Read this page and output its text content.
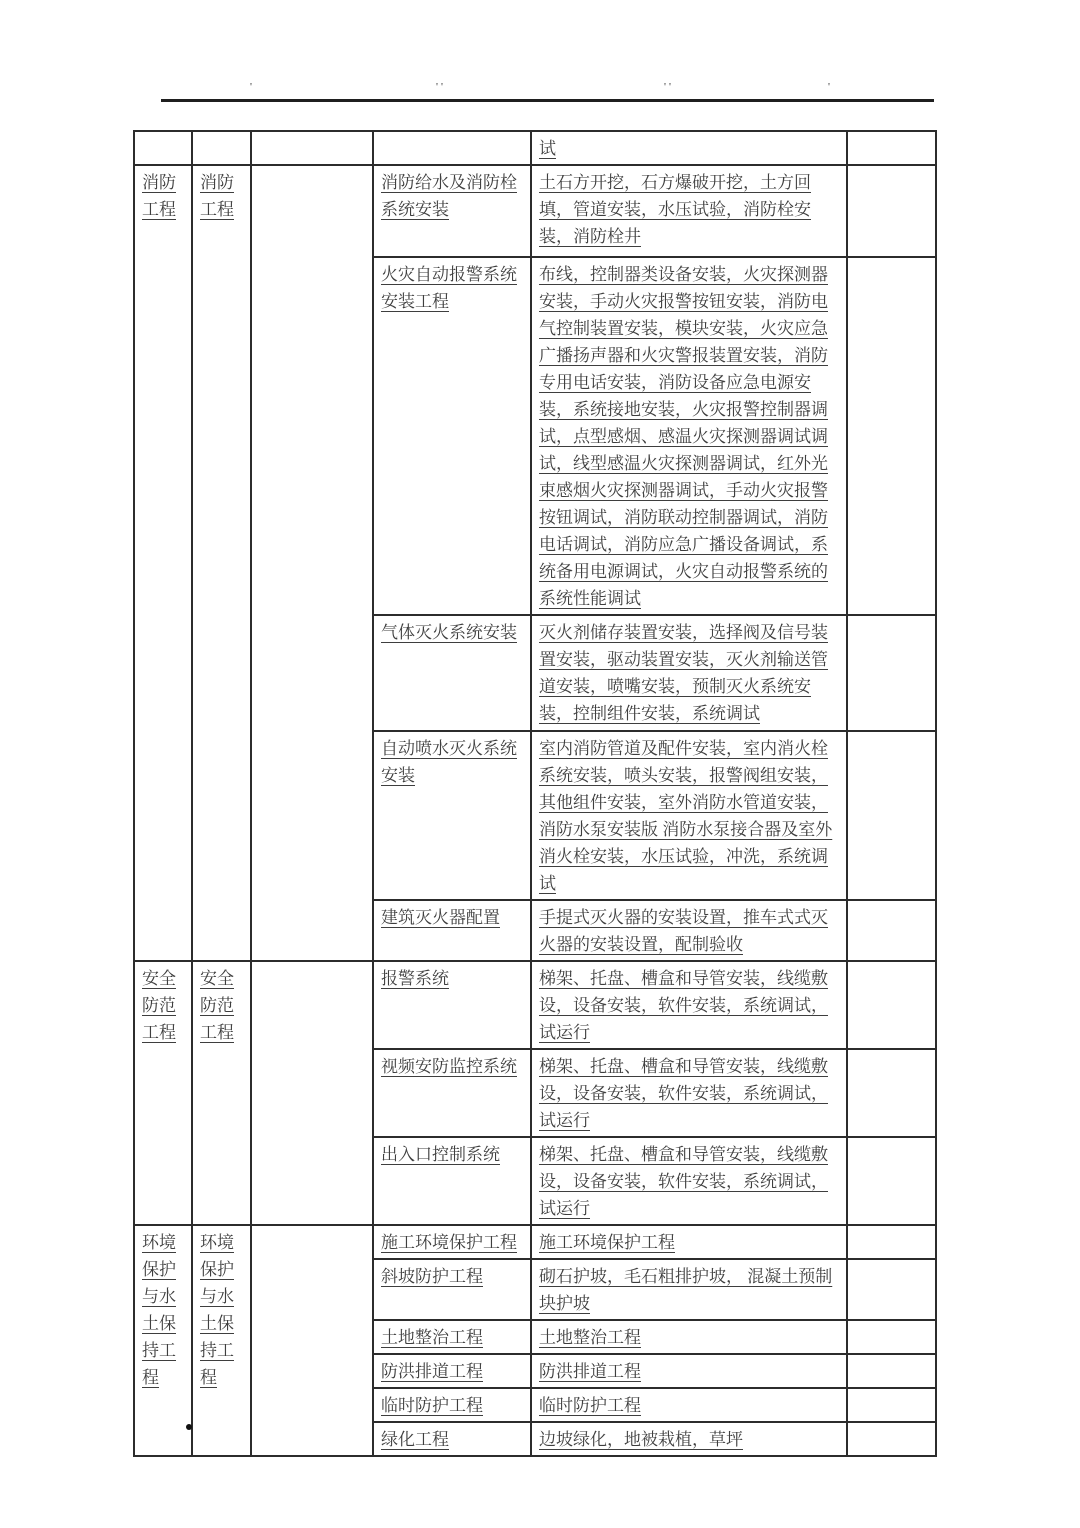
'	''	''	'
				试	
消防工程	消防工程		消防给水及消防栓系统安装	土石方开挖，石方爆破开挖，土方回填，管道安装，水压试验，消防栓安装，消防栓井	
			火灾自动报警系统安装工程	布线，控制器类设备安装，火灾探测器安装，手动火灾报警按钮安装，消防电气控制装置安装，模块安装，火灾应急广播扬声器和火灾警报装置安装，消防专用电话安装，消防设备应急电源安装，系统接地安装，火灾报警控制器调试，点型感烟、感温火灾探测器调试调试，线型感温火灾探测器调试，红外光束感烟火灾探测器调试，手动火灾报警按钮调试，消防联动控制器调试，消防电话调试，消防应急广播设备调试，系统备用电源调试，火灾自动报警系统的系统性能调试	
			气体灭火系统安装	灭火剂储存装置安装，选择阀及信号装置安装，驱动装置安装，灭火剂输送管道安装，喷嘴安装，预制灭火系统安装，控制组件安装，系统调试	
			自动喷水灭火系统安装	室内消防管道及配件安装，室内消火栓系统安装，喷头安装，报警阀组安装，其他组件安装，室外消防水管道安装，消防水泵安装版 消防水泵接合器及室外消火栓安装，水压试验，冲洗，系统调试	
			建筑灭火器配置	手提式灭火器的安装设置，推车式式灭火器的安装设置，配制验收	
安全防范工程	安全防范工程		报警系统	梯架、托盘、槽盒和导管安装，线缆敷设，设备安装，软件安装，系统调试，试运行	
			视频安防监控系统	梯架、托盘、槽盒和导管安装，线缆敷设，设备安装，软件安装，系统调试，试运行	
			出入口控制系统	梯架、托盘、槽盒和导管安装，线缆敷设，设备安装，软件安装，系统调试，试运行	
环境保护与水土保持工程	环境保护与水土保持工程		施工环境保护工程	施工环境保护工程	
			斜坡防护工程	砌石护坡，毛石粗排护坡， 混凝土预制块护坡	
			土地整治工程	土地整治工程	
			防洪排道工程	防洪排道工程	
			临时防护工程	临时防护工程	
			绿化工程	边坡绿化，地被栽植，草坪	
